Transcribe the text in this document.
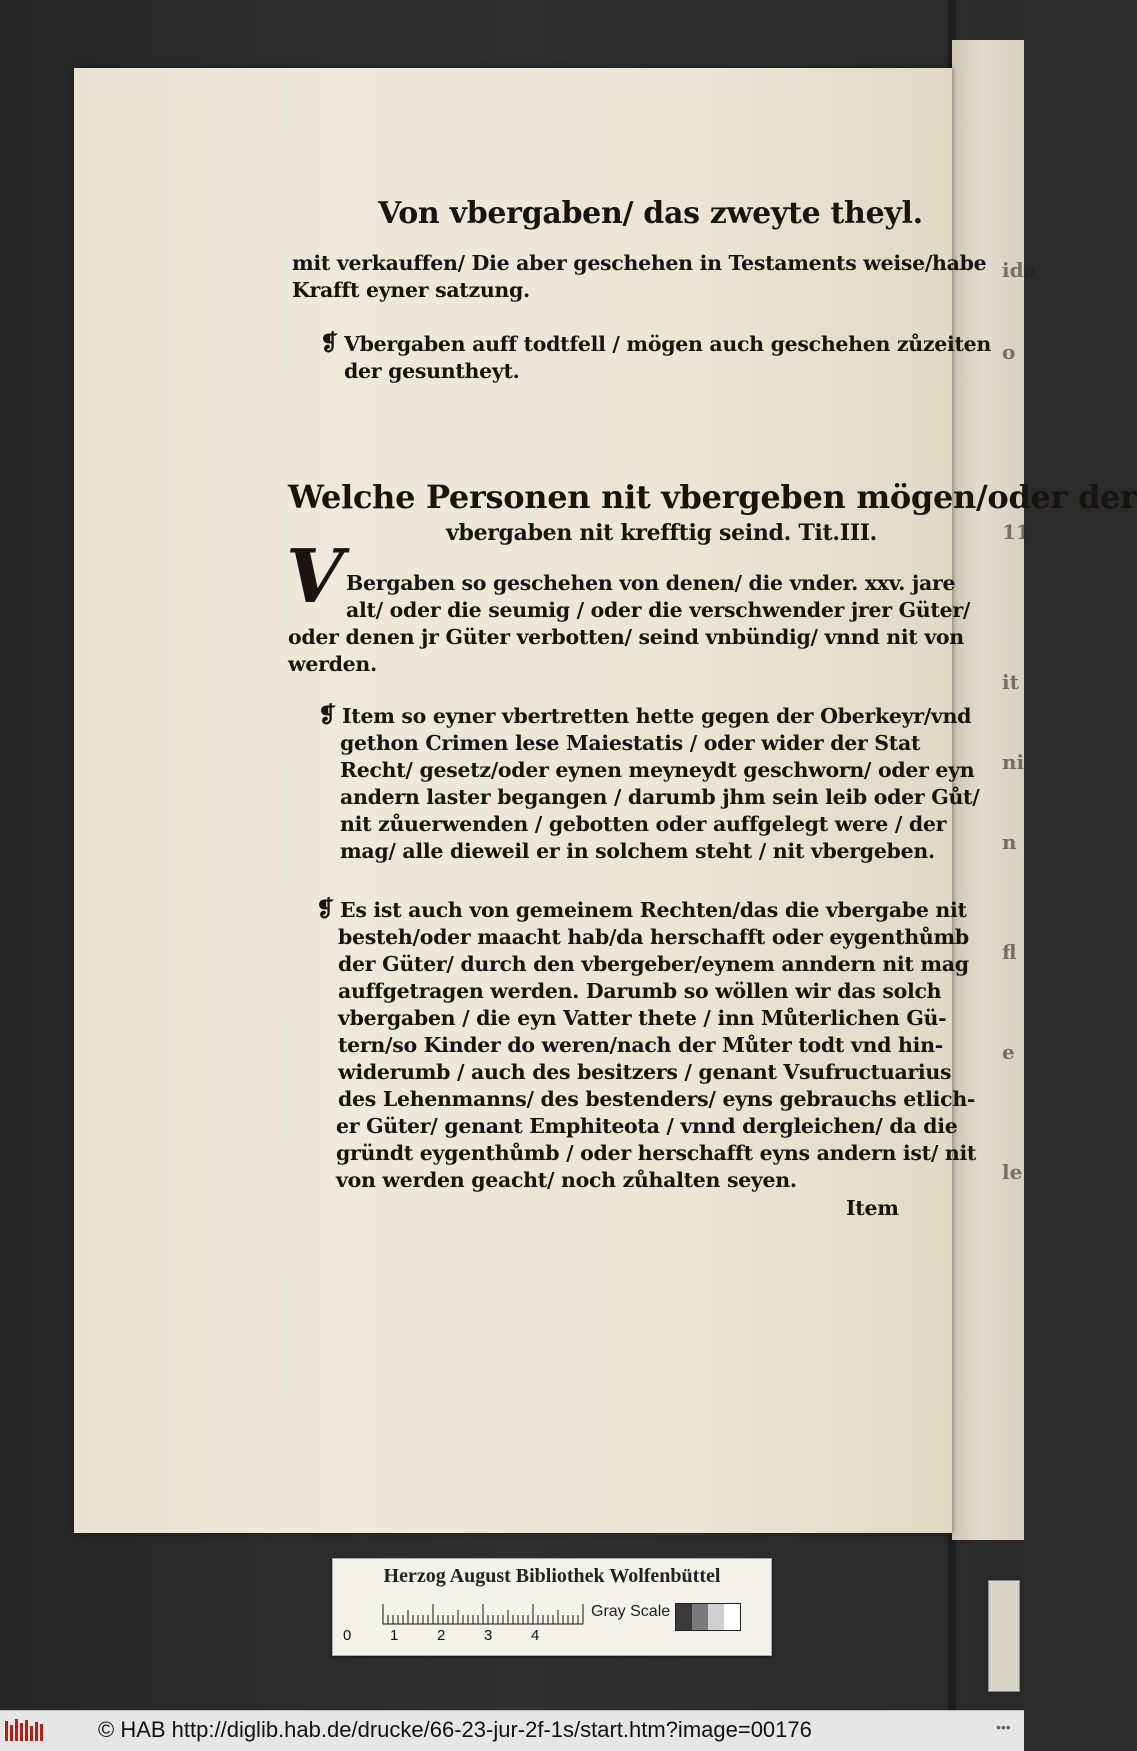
ida
o
11
it
ni
n
fl
e
le
Von vbergaben/ das zweyte theyl.
mit verkauffen/ Die aber geschehen in Testaments weise/habe
Krafft eyner satzung.
❡ Vbergaben auff todtfell / mögen auch geschehen zůzeiten
der gesuntheyt.
Welche Personen nit vbergeben mögen/oder der
vbergaben nit krefftig seind. Tit.III.
V Bergaben so geschehen von denen/ die vnder. xxv. jare
alt/ oder die seumig / oder die verschwender jrer Güter/
oder denen jr Güter verbotten/ seind vnbündig/ vnnd nit von
werden.
❡ Item so eyner vbertretten hette gegen der Oberkeyr/vnd
gethon Crimen lese Maiestatis / oder wider der Stat
Recht/ gesetz/oder eynen meyneydt geschworn/ oder eyn
andern laster begangen / darumb jhm sein leib oder Gůt/
nit zůuerwenden / gebotten oder auffgelegt were / der
mag/ alle dieweil er in solchem steht / nit vbergeben.
❡ Es ist auch von gemeinem Rechten/das die vbergabe nit
besteh/oder maacht hab/da herschafft oder eygenthůmb
der Güter/ durch den vbergeber/eynem anndern nit mag
auffgetragen werden. Darumb so wöllen wir das solch
vbergaben / die eyn Vatter thete / inn Můterlichen Gü-
tern/so Kinder do weren/nach der Můter todt vnd hin-
widerumb / auch des besitzers / genant Vsufructuarius
des Lehenmanns/ des bestenders/ eyns gebrauchs etlich-
er Güter/ genant Emphiteota / vnnd dergleichen/ da die
gründt eygenthůmb / oder herschafft eyns andern ist/ nit
von werden geacht/ noch zůhalten seyen.
Item
Herzog August Bibliothek Wolfenbüttel
0	1	2	3	4
Gray Scale
© HAB http://diglib.hab.de/drucke/66-23-jur-2f-1s/start.htm?image=00176	•••
